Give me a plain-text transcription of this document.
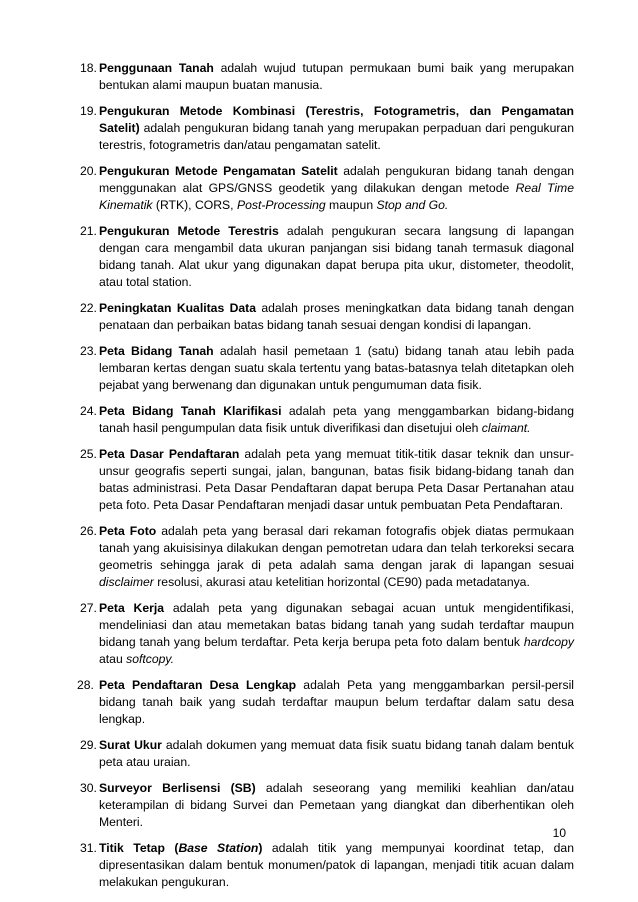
18. Penggunaan Tanah adalah wujud tutupan permukaan bumi baik yang merupakan bentukan alami maupun buatan manusia.
19. Pengukuran Metode Kombinasi (Terestris, Fotogrametris, dan Pengamatan Satelit) adalah pengukuran bidang tanah yang merupakan perpaduan dari pengukuran terestris, fotogrametris dan/atau pengamatan satelit.
20. Pengukuran Metode Pengamatan Satelit adalah pengukuran bidang tanah dengan menggunakan alat GPS/GNSS geodetik yang dilakukan dengan metode Real Time Kinematik (RTK), CORS, Post-Processing maupun Stop and Go.
21. Pengukuran Metode Terestris adalah pengukuran secara langsung di lapangan dengan cara mengambil data ukuran panjangan sisi bidang tanah termasuk diagonal bidang tanah. Alat ukur yang digunakan dapat berupa pita ukur, distometer, theodolit, atau total station.
22. Peningkatan Kualitas Data adalah proses meningkatkan data bidang tanah dengan penataan dan perbaikan batas bidang tanah sesuai dengan kondisi di lapangan.
23. Peta Bidang Tanah adalah hasil pemetaan 1 (satu) bidang tanah atau lebih pada lembaran kertas dengan suatu skala tertentu yang batas-batasnya telah ditetapkan oleh pejabat yang berwenang dan digunakan untuk pengumuman data fisik.
24. Peta Bidang Tanah Klarifikasi adalah peta yang menggambarkan bidang-bidang tanah hasil pengumpulan data fisik untuk diverifikasi dan disetujui oleh claimant.
25. Peta Dasar Pendaftaran adalah peta yang memuat titik-titik dasar teknik dan unsur-unsur geografis seperti sungai, jalan, bangunan, batas fisik bidang-bidang tanah dan batas administrasi. Peta Dasar Pendaftaran dapat berupa Peta Dasar Pertanahan atau peta foto. Peta Dasar Pendaftaran menjadi dasar untuk pembuatan Peta Pendaftaran.
26. Peta Foto adalah peta yang berasal dari rekaman fotografis objek diatas permukaan tanah yang akuisisinya dilakukan dengan pemotretan udara dan telah terkoreksi secara geometris sehingga jarak di peta adalah sama dengan jarak di lapangan sesuai disclaimer resolusi, akurasi atau ketelitian horizontal (CE90) pada metadatanya.
27. Peta Kerja adalah peta yang digunakan sebagai acuan untuk mengidentifikasi, mendeliniasi dan atau memetakan batas bidang tanah yang sudah terdaftar maupun bidang tanah yang belum terdaftar. Peta kerja berupa peta foto dalam bentuk hardcopy atau softcopy.
28. Peta Pendaftaran Desa Lengkap adalah Peta yang menggambarkan persil-persil bidang tanah baik yang sudah terdaftar maupun belum terdaftar dalam satu desa lengkap.
29. Surat Ukur adalah dokumen yang memuat data fisik suatu bidang tanah dalam bentuk peta atau uraian.
30. Surveyor Berlisensi (SB) adalah seseorang yang memiliki keahlian dan/atau keterampilan di bidang Survei dan Pemetaan yang diangkat dan diberhentikan oleh Menteri.
31. Titik Tetap (Base Station) adalah titik yang mempunyai koordinat tetap, dan dipresentasikan dalam bentuk monumen/patok di lapangan, menjadi titik acuan dalam melakukan pengukuran.
10
